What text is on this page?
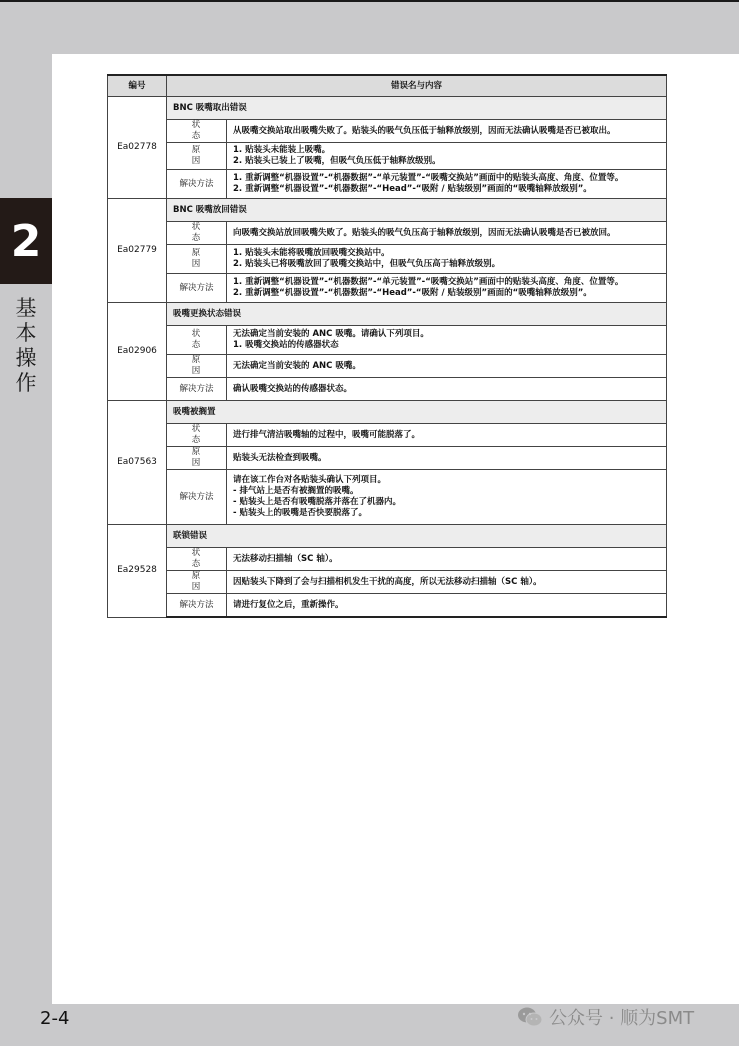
2
基
本
操
作
编号	错误名与内容	
Ea02778	BNC 吸嘴取出错误	
	状　态	从吸嘴交换站取出吸嘴失败了。贴装头的吸气负压低于轴释放级别，因而无法确认吸嘴是否已被取出。
	原　因	1. 贴装头未能装上吸嘴。
2. 贴装头已装上了吸嘴，但吸气负压低于轴释放级别。

	解决方法	1. 重新调整“机器设置”-“机器数据”-“单元装置”-“吸嘴交换站”画面中的贴装头高度、角度、位置等。
2. 重新调整“机器设置”-“机器数据”-“Head”-“吸附 / 贴装级别”画面的“吸嘴轴释放级别”。

Ea02779	BNC 吸嘴放回错误	
	状　态	向吸嘴交换站放回吸嘴失败了。贴装头的吸气负压高于轴释放级别，因而无法确认吸嘴是否已被放回。
	原　因	1. 贴装头未能将吸嘴放回吸嘴交换站中。
2. 贴装头已将吸嘴放回了吸嘴交换站中，但吸气负压高于轴释放级别。

	解决方法	1. 重新调整“机器设置”-“机器数据”-“单元装置”-“吸嘴交换站”画面中的贴装头高度、角度、位置等。
2. 重新调整“机器设置”-“机器数据”-“Head”-“吸附 / 贴装级别”画面的“吸嘴轴释放级别”。

Ea02906	吸嘴更换状态错误	
	状　态	无法确定当前安装的 ANC 吸嘴。请确认下列项目。
1. 吸嘴交换站的传感器状态

	原　因	无法确定当前安装的 ANC 吸嘴。
	解决方法	确认吸嘴交换站的传感器状态。
Ea07563	吸嘴被搁置	
	状　态	进行排气清洁吸嘴轴的过程中，吸嘴可能脱落了。
	原　因	贴装头无法检查到吸嘴。
	解决方法	请在该工作台对各贴装头确认下列项目。
- 排气站上是否有被搁置的吸嘴。
- 贴装头上是否有吸嘴脱落并落在了机器内。
- 贴装头上的吸嘴是否快要脱落了。

Ea29528	联锁错误	
	状　态	无法移动扫描轴（SC 轴）。
	原　因	因贴装头下降到了会与扫描相机发生干扰的高度，所以无法移动扫描轴（SC 轴）。
	解决方法	请进行复位之后，重新操作。
2-4	公众号 · 顺为SMT
